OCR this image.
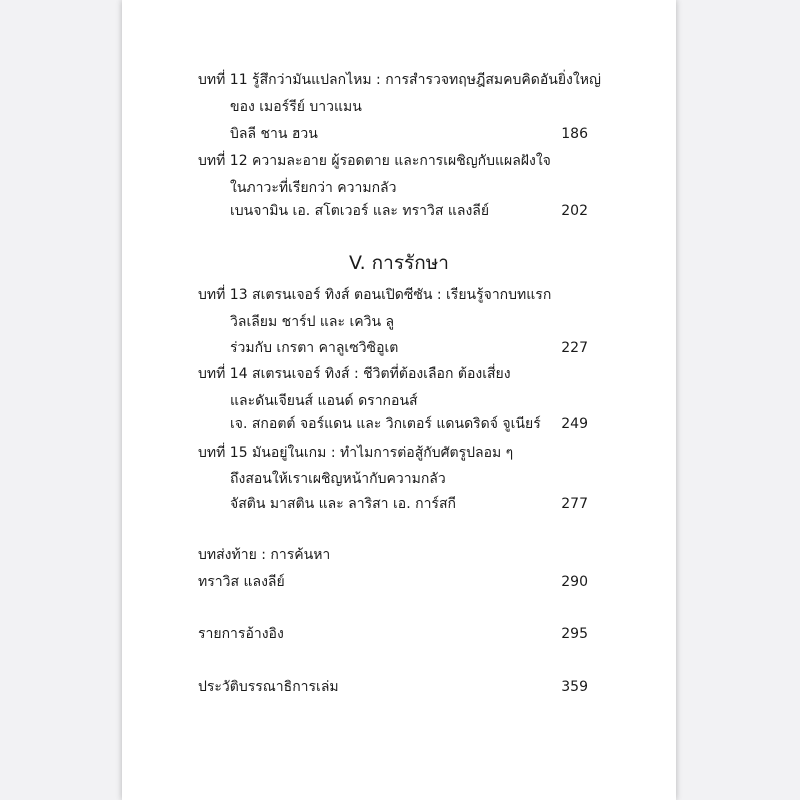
บทที่ 11 รู้สึกว่ามันแปลกไหม : การสำรวจทฤษฎีสมคบคิดอันยิ่งใหญ่
ของ เมอร์รีย์ บาวแมน
บิลลี ชาน ฮวน	186
บทที่ 12 ความละอาย ผู้รอดตาย และการเผชิญกับแผลฝังใจ
ในภาวะที่เรียกว่า ความกลัว
เบนจามิน เอ. สโตเวอร์ และ ทราวิส แลงลีย์	202
V. การรักษา
บทที่ 13 สเตรนเจอร์ ทิงส์ ตอนเปิดซีซัน : เรียนรู้จากบทแรก
วิลเลียม ชาร์ป และ เควิน ลู
ร่วมกับ เกรตา คาลูเซวิซิอูเต	227
บทที่ 14 สเตรนเจอร์ ทิงส์ : ชีวิตที่ต้องเลือก ต้องเสี่ยง
และดันเจียนส์ แอนด์ ดรากอนส์
เจ. สกอตต์ จอร์แดน และ วิกเตอร์ แดนดริดจ์ จูเนียร์ 249
บทที่ 15 มันอยู่ในเกม : ทำไมการต่อสู้กับศัตรูปลอม ๆ
ถึงสอนให้เราเผชิญหน้ากับความกลัว
จัสติน มาสติน และ ลาริสา เอ. การ์สกี	277
บทส่งท้าย : การค้นหา
ทราวิส แลงลีย์	290
รายการอ้างอิง	295
ประวัติบรรณาธิการเล่ม	359
